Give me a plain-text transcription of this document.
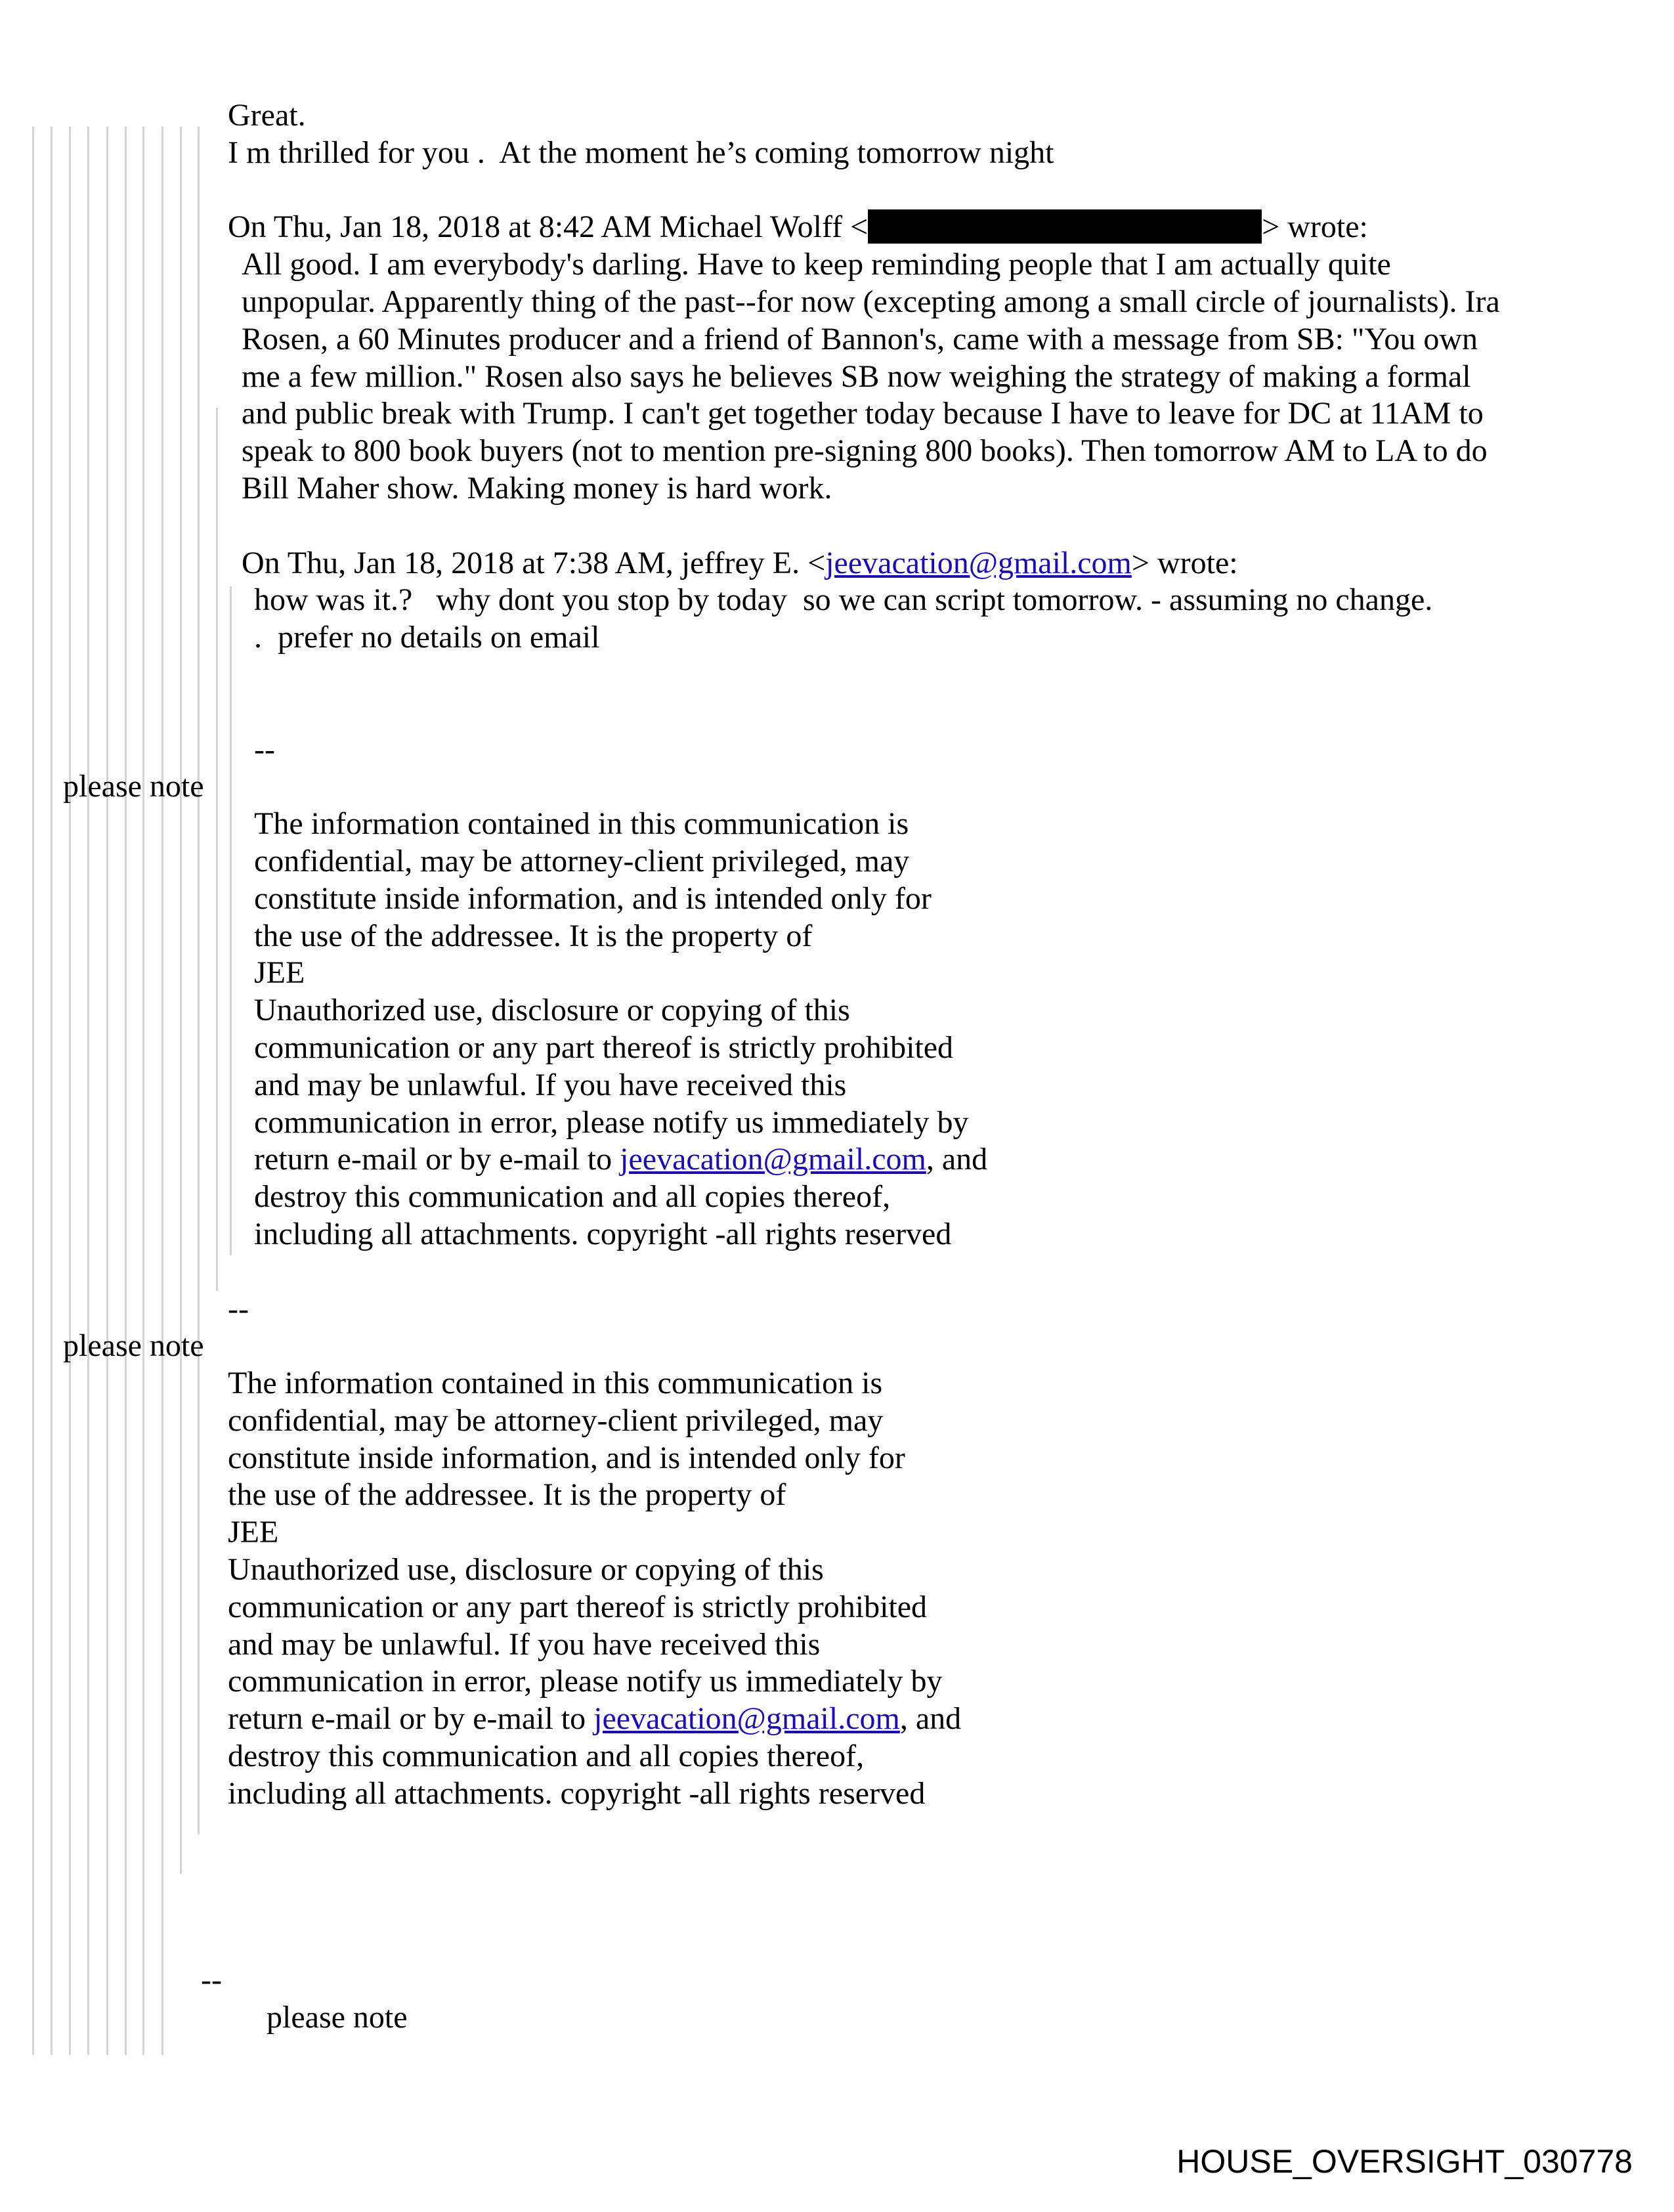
Great.
I m thrilled for you .  At the moment he’s coming tomorrow night
On Thu, Jan 18, 2018 at 8:42 AM Michael Wolff <	> wrote:
All good. I am everybody's darling. Have to keep reminding people that I am actually quite
unpopular. Apparently thing of the past--for now (excepting among a small circle of journalists). Ira
Rosen, a 60 Minutes producer and a friend of Bannon's, came with a message from SB: "You own
me a few million." Rosen also says he believes SB now weighing the strategy of making a formal
and public break with Trump. I can't get together today because I have to leave for DC at 11AM to
speak to 800 book buyers (not to mention pre-signing 800 books). Then tomorrow AM to LA to do
Bill Maher show. Making money is hard work.
On Thu, Jan 18, 2018 at 7:38 AM, jeffrey E. <jeevacation@gmail.com> wrote:
how was it.?   why dont you stop by today  so we can script tomorrow. - assuming no change.
.  prefer no details on email
--
please note
The information contained in this communication is
confidential, may be attorney-client privileged, may
constitute inside information, and is intended only for
the use of the addressee. It is the property of
JEE
Unauthorized use, disclosure or copying of this
communication or any part thereof is strictly prohibited
and may be unlawful. If you have received this
communication in error, please notify us immediately by
return e-mail or by e-mail to jeevacation@gmail.com, and
destroy this communication and all copies thereof,
including all attachments. copyright -all rights reserved
--
please note
The information contained in this communication is
confidential, may be attorney-client privileged, may
constitute inside information, and is intended only for
the use of the addressee. It is the property of
JEE
Unauthorized use, disclosure or copying of this
communication or any part thereof is strictly prohibited
and may be unlawful. If you have received this
communication in error, please notify us immediately by
return e-mail or by e-mail to jeevacation@gmail.com, and
destroy this communication and all copies thereof,
including all attachments. copyright -all rights reserved
--
please note
HOUSE_OVERSIGHT_030778
